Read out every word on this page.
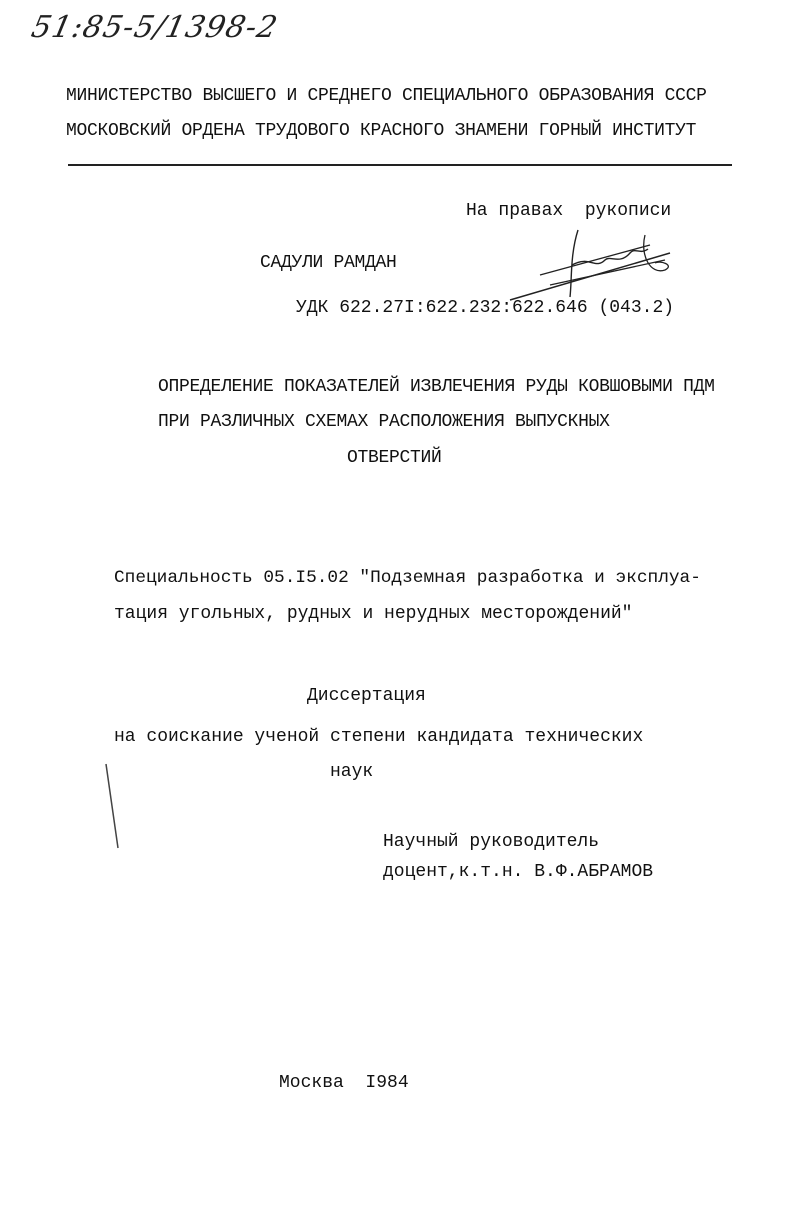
51:85-5/1398-2
МИНИСТЕРСТВО ВЫСШЕГО И СРЕДНЕГО СПЕЦИАЛЬНОГО ОБРАЗОВАНИЯ СССР
МОСКОВСКИЙ ОРДЕНА ТРУДОВОГО КРАСНОГО ЗНАМЕНИ ГОРНЫЙ ИНСТИТУТ
На правах  рукописи
САДУЛИ РАМДАН
УДК 622.27I:622.232:622.646 (043.2)
ОПРЕДЕЛЕНИЕ ПОКАЗАТЕЛЕЙ ИЗВЛЕЧЕНИЯ РУДЫ КОВШОВЫМИ ПДМ
ПРИ РАЗЛИЧНЫХ СХЕМАХ РАСПОЛОЖЕНИЯ ВЫПУСКНЫХ
ОТВЕРСТИЙ
Специальность 05.I5.02 "Подземная разработка и эксплуа-
тация угольных, рудных и нерудных месторождений"
Диссертация
на соискание ученой степени кандидата технических
наук
Научный руководитель
доцент,к.т.н. В.Ф.АБРАМОВ
Москва  I984
